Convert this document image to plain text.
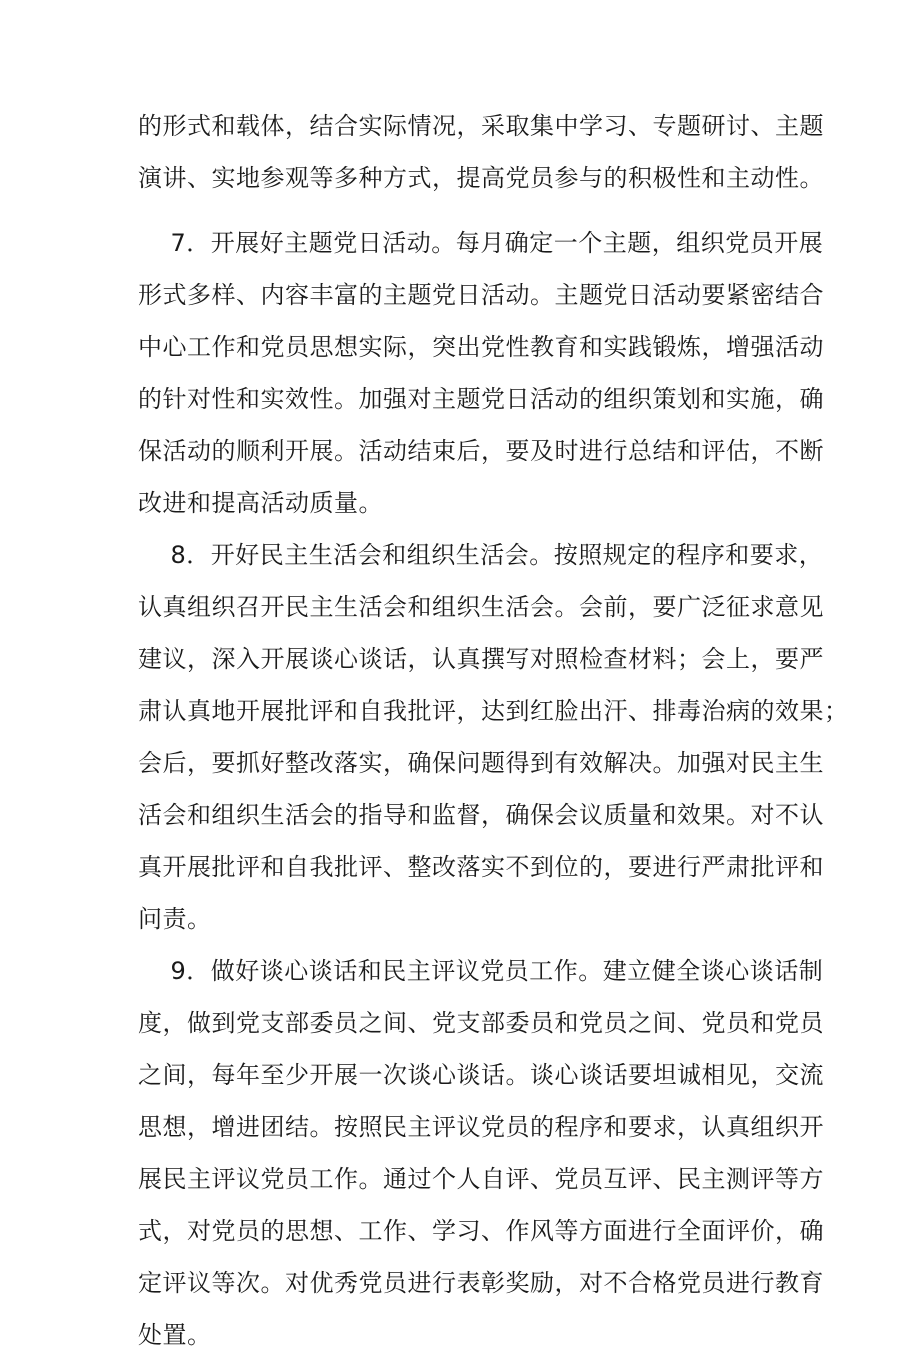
的形式和载体，结合实际情况，采取集中学习、专题研讨、主题
演讲、实地参观等多种方式，提高党员参与的积极性和主动性。
7．开展好主题党日活动。每月确定一个主题，组织党员开展
形式多样、内容丰富的主题党日活动。主题党日活动要紧密结合
中心工作和党员思想实际，突出党性教育和实践锻炼，增强活动
的针对性和实效性。加强对主题党日活动的组织策划和实施，确
保活动的顺利开展。活动结束后，要及时进行总结和评估，不断
改进和提高活动质量。
8．开好民主生活会和组织生活会。按照规定的程序和要求，
认真组织召开民主生活会和组织生活会。会前，要广泛征求意见
建议，深入开展谈心谈话，认真撰写对照检查材料；会上，要严
肃认真地开展批评和自我批评，达到红脸出汗、排毒治病的效果；
会后，要抓好整改落实，确保问题得到有效解决。加强对民主生
活会和组织生活会的指导和监督，确保会议质量和效果。对不认
真开展批评和自我批评、整改落实不到位的，要进行严肃批评和
问责。
9．做好谈心谈话和民主评议党员工作。建立健全谈心谈话制
度，做到党支部委员之间、党支部委员和党员之间、党员和党员
之间，每年至少开展一次谈心谈话。谈心谈话要坦诚相见，交流
思想，增进团结。按照民主评议党员的程序和要求，认真组织开
展民主评议党员工作。通过个人自评、党员互评、民主测评等方
式，对党员的思想、工作、学习、作风等方面进行全面评价，确
定评议等次。对优秀党员进行表彰奖励，对不合格党员进行教育
处置。
